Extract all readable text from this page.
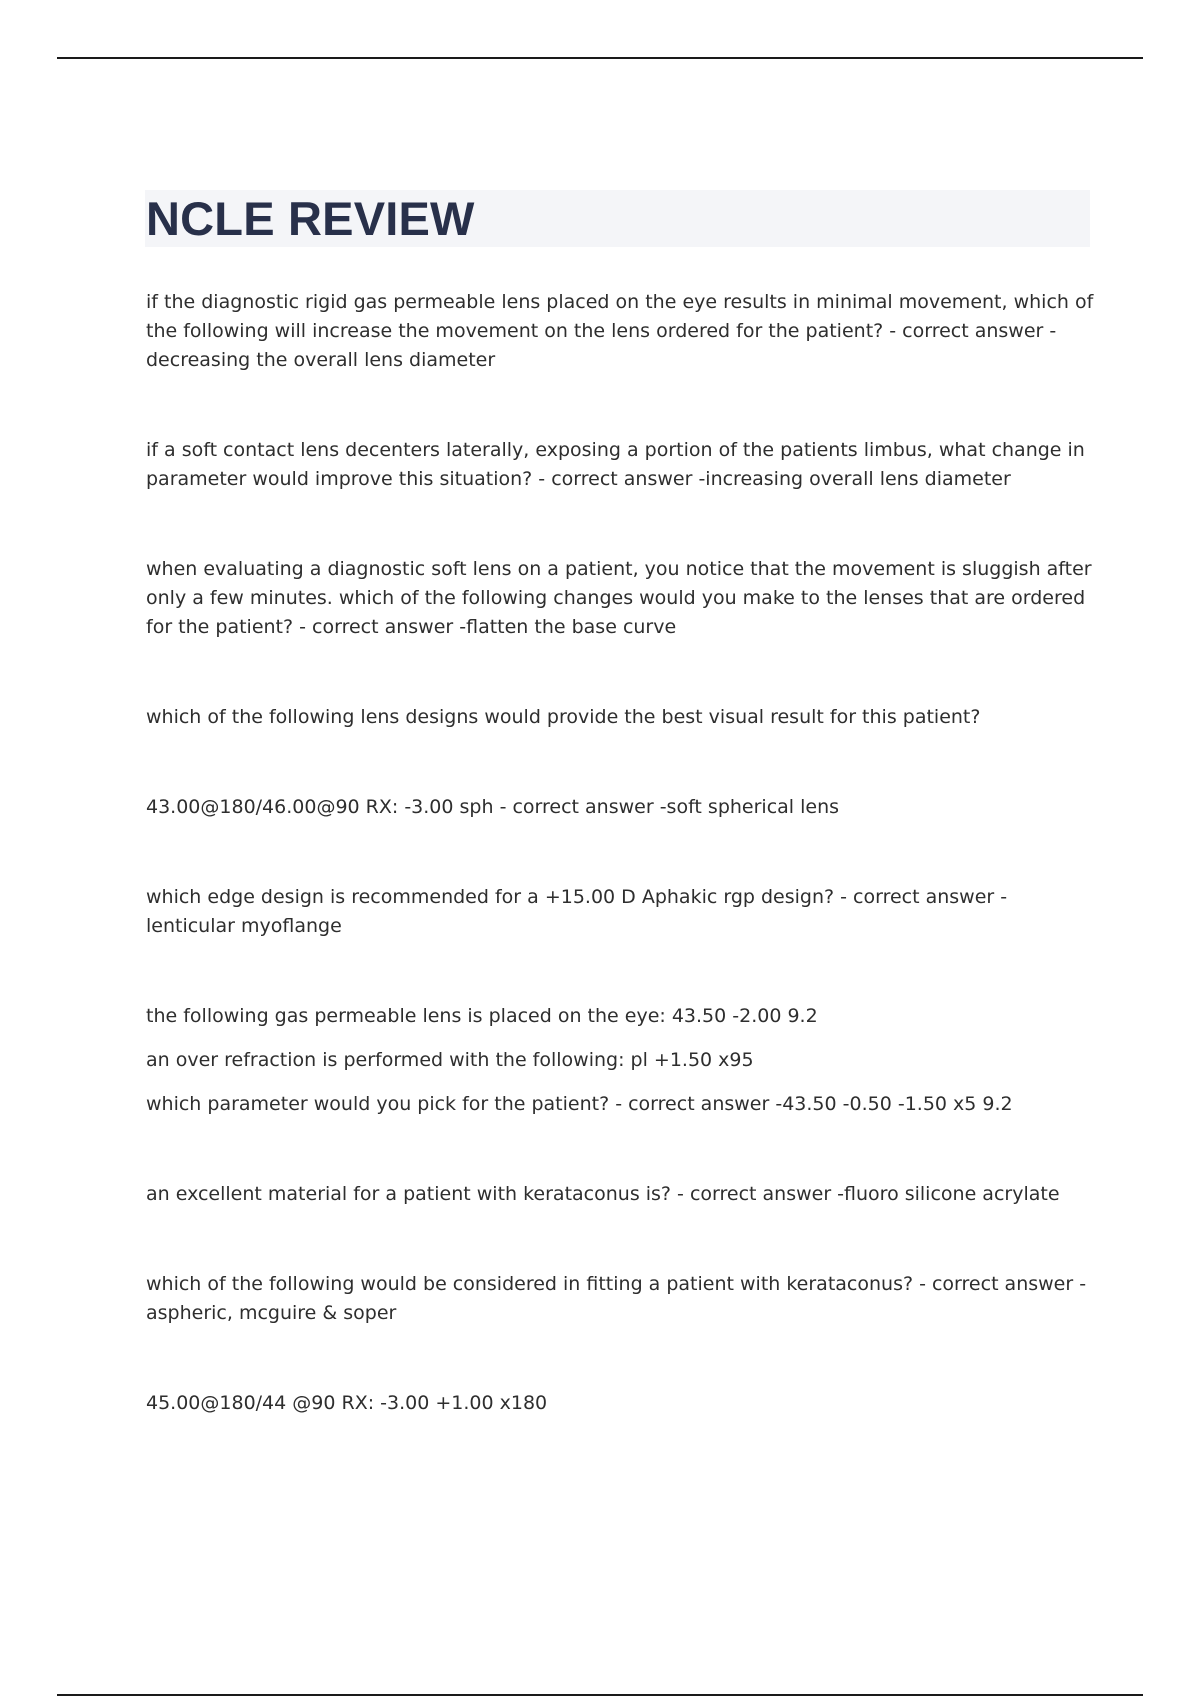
NCLE REVIEW

if the diagnostic rigid gas permeable lens placed on the eye results in minimal movement, which of the following will increase the movement on the lens ordered for the patient? - correct answer -decreasing the overall lens diameter

if a soft contact lens decenters laterally, exposing a portion of the patients limbus, what change in parameter would improve this situation? - correct answer -increasing overall lens diameter

when evaluating a diagnostic soft lens on a patient, you notice that the movement is sluggish after only a few minutes. which of the following changes would you make to the lenses that are ordered for the patient? - correct answer -flatten the base curve

which of the following lens designs would provide the best visual result for this patient?

43.00@180/46.00@90 RX: -3.00 sph - correct answer -soft spherical lens

which edge design is recommended for a +15.00 D Aphakic rgp design? - correct answer -lenticular myoflange

the following gas permeable lens is placed on the eye: 43.50 -2.00 9.2

an over refraction is performed with the following: pl +1.50 x95

which parameter would you pick for the patient? - correct answer -43.50 -0.50 -1.50 x5 9.2

an excellent material for a patient with kerataconus is? - correct answer -fluoro silicone acrylate

which of the following would be considered in fitting a patient with kerataconus? - correct answer -aspheric, mcguire & soper

45.00@180/44 @90 RX: -3.00 +1.00 x180
